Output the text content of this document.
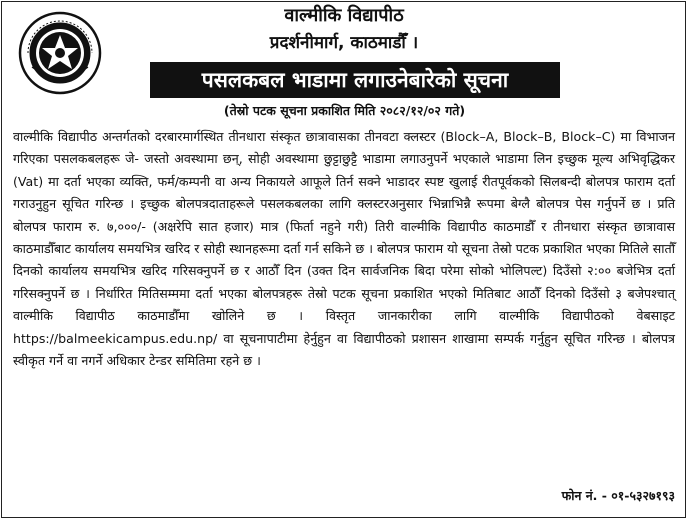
वाल्मीकि विद्यापीठ
प्रदर्शनीमार्ग, काठमाडौँ ।
पसलकबल भाडामा लगाउनेबारेको सूचना
(तेस्रो पटक सूचना प्रकाशित मिति २०८२/१२/०२ गते)

वाल्मीकि विद्यापीठ अन्तर्गतको दरबारमार्गस्थित तीनधारा संस्कृत छात्रावासका तीनवटा क्लस्टर (Block–A, Block–B, Block–C) मा विभाजन गरिएका पसलकबलहरू जे- जस्तो अवस्थामा छन्, सोही अवस्थामा छुट्टाछुट्टै भाडामा लगाउनुपर्ने भएकाले भाडामा लिन इच्छुक मूल्य अभिवृद्धिकर (Vat) मा दर्ता भएका व्यक्ति, फर्म/कम्पनी वा अन्य निकायले आफूले तिर्न सक्ने भाडादर स्पष्ट खुलाई रीतपूर्वकको सिलबन्दी बोलपत्र फाराम दर्ता गराउनुहुन सूचित गरिन्छ । इच्छुक बोलपत्रदाताहरूले पसलकबलका लागि क्लस्टरअनुसार भिन्नाभिन्नै रूपमा बेग्लै बोलपत्र पेस गर्नुपर्ने छ । प्रति बोलपत्र फाराम रु. ७,०००/- (अक्षरेपि सात हजार) मात्र (फिर्ता नहुने गरी) तिरी वाल्मीकि विद्यापीठ काठमाडौँ र तीनधारा संस्कृत छात्रावास काठमाडौँबाट कार्यालय समयभित्र खरिद र सोही स्थानहरूमा दर्ता गर्न सकिने छ । बोलपत्र फाराम यो सूचना तेस्रो पटक प्रकाशित भएका मितिले सातौँ दिनको कार्यालय समयभित्र खरिद गरिसक्नुपर्ने छ र आठौँ दिन (उक्त दिन सार्वजनिक बिदा परेमा सोको भोलिपल्ट) दिउँसो २:०० बजेभित्र दर्ता गरिसक्नुपर्ने छ । निर्धारित मितिसम्ममा दर्ता भएका बोलपत्रहरू तेस्रो पटक सूचना प्रकाशित भएको मितिबाट आठौँ दिनको दिउँसो ३ बजेपश्चात् वाल्मीकि विद्यापीठ काठमाडौँमा खोलिने छ । विस्तृत जानकारीका लागि वाल्मीकि विद्यापीठको वेबसाइट https://balmeekicampus.edu.np/ वा सूचनापाटीमा हेर्नुहुन वा विद्यापीठको प्रशासन शाखामा सम्पर्क गर्नुहुन सूचित गरिन्छ । बोलपत्र स्वीकृत गर्ने वा नगर्ने अधिकार टेन्डर समितिमा रहने छ ।

फोन नं. - ०१-५३२७१९३
